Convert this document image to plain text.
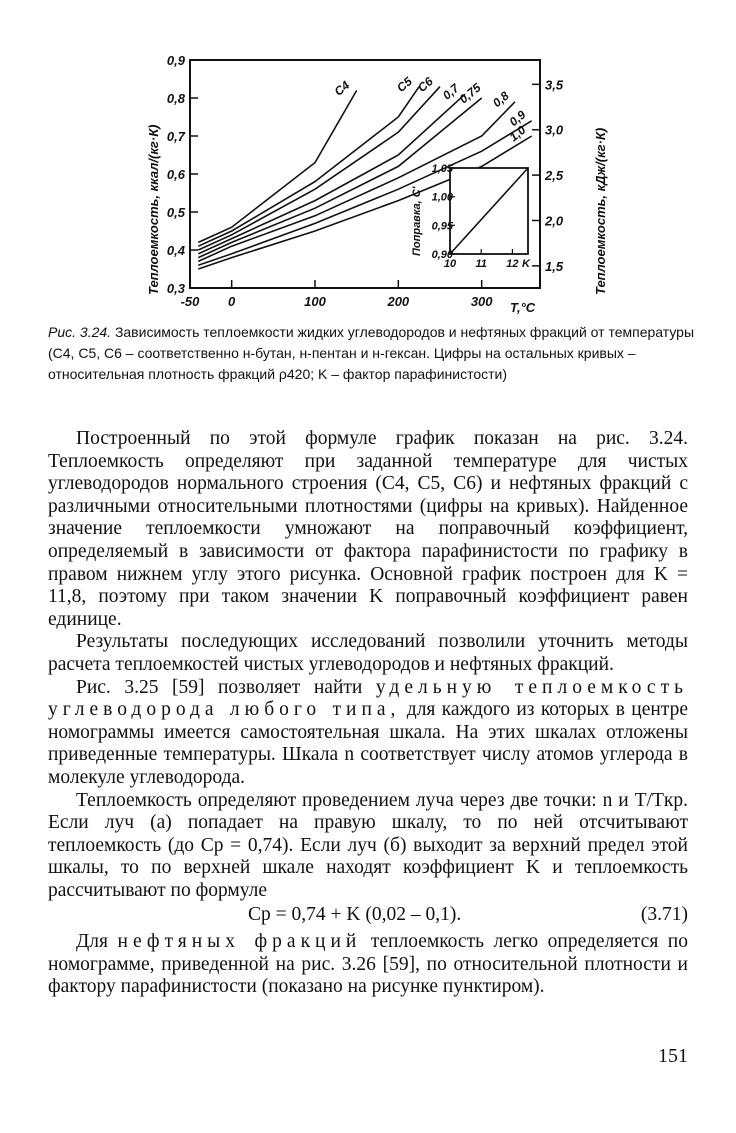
-50 0	100	200	300
0,9
0,8
0,7
0,6
0,5
0,4
0,3
3,5
3,0
2,5
2,0
1,5
C4	C5 C6 0,7
0,75 0,8
0,9
1,0
1,05
1,00
0,95
0,90
10 11 12 K
Поправка, C'
Теплоемкость, ккал/(кг·К)	Теплоемкость, кДж/(кг·К)
T,°C

Рис. 3.24. Зависимость теплоемкости жидких углеводородов и нефтяных фракций от температуры (C4, C5, C6 – соответственно н-бутан, н-пентан и н-гексан. Цифры на остальных кривых – относительная плотность фракций ρ420; K – фактор парафинистости)

Построенный по этой формуле график показан на рис. 3.24. Теплоемкость определяют при заданной температуре для чистых углеводородов нормального строения (C4, C5, C6) и нефтяных фракций с различными относительными плотностями (цифры на кривых). Найденное значение теплоемкости умножают на поправочный коэффициент, определяемый в зависимости от фактора парафинистости по графику в правом нижнем углу этого рисунка. Основной график построен для K = 11,8, поэтому при таком значении K поправочный коэффициент равен единице.

Результаты последующих исследований позволили уточнить методы расчета теплоемкостей чистых углеводородов и нефтяных фракций.

Рис. 3.25 [59] позволяет найти удельную теплоемкость углеводорода любого типа, для каждого из которых в центре номограммы имеется самостоятельная шкала. На этих шкалах отложены приведенные температуры. Шкала n соответствует числу атомов углерода в молекуле углеводорода.

Теплоемкость определяют проведением луча через две точки: n и T/Tкр. Если луч (а) попадает на правую шкалу, то по ней отсчитывают теплоемкость (до Cp = 0,74). Если луч (б) выходит за верхний предел этой шкалы, то по верхней шкале находят коэффициент K и теплоемкость рассчитывают по формуле

Cp = 0,74 + K (0,02 – 0,1).	(3.71)

Для нефтяных фракций теплоемкость легко определяется по номограмме, приведенной на рис. 3.26 [59], по относительной плотности и фактору парафинистости (показано на рисунке пунктиром).

151
